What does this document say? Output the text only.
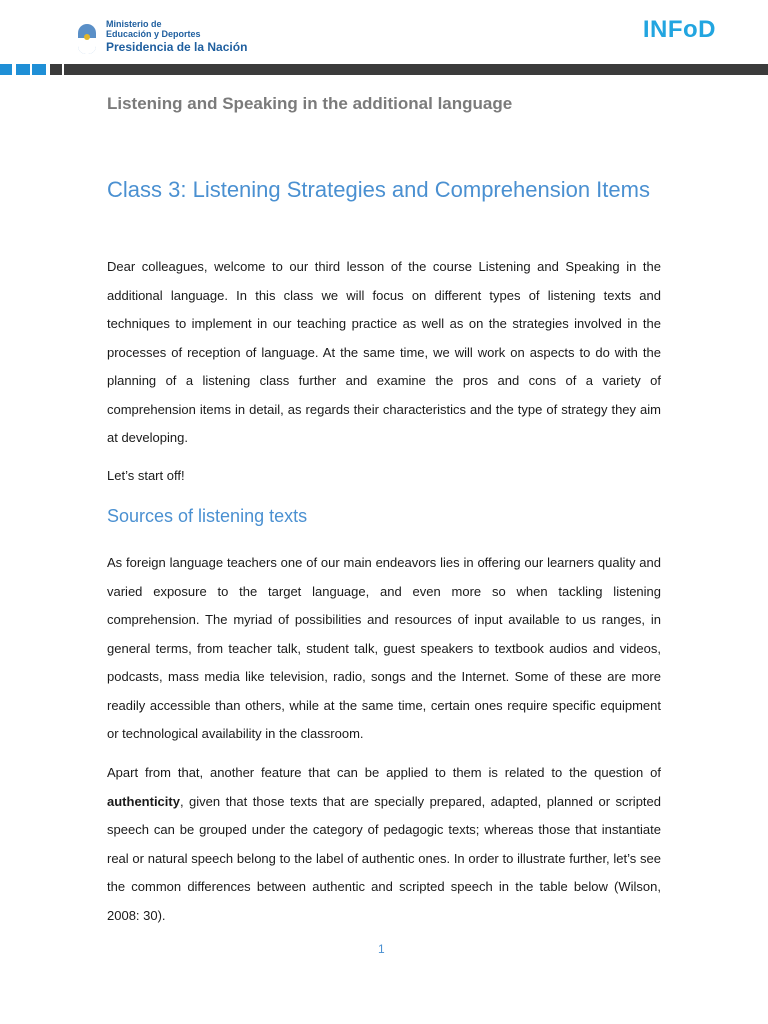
Ministerio de
Educación y Deportes
Presidencia de la Nación
INFoD
Listening and Speaking in the additional language
Class 3: Listening Strategies and Comprehension Items

Dear colleagues, welcome to our third lesson of the course Listening and Speaking in the additional language. In this class we will focus on different types of listening texts and techniques to implement in our teaching practice as well as on the strategies involved in the processes of reception of language. At the same time, we will work on aspects to do with the planning of a listening class further and examine the pros and cons of a variety of comprehension items in detail, as regards their characteristics and the type of strategy they aim at developing.

Let’s start off!

Sources of listening texts

As foreign language teachers one of our main endeavors lies in offering our learners quality and varied exposure to the target language, and even more so when tackling listening comprehension. The myriad of possibilities and resources of input available to us ranges, in general terms, from teacher talk, student talk, guest speakers to textbook audios and videos, podcasts, mass media like television, radio, songs and the Internet. Some of these are more readily accessible than others, while at the same time, certain ones require specific equipment or technological availability in the classroom.

Apart from that, another feature that can be applied to them is related to the question of authenticity, given that those texts that are specially prepared, adapted, planned or scripted speech can be grouped under the category of pedagogic texts; whereas those that instantiate real or natural speech belong to the label of authentic ones. In order to illustrate further, let’s see the common differences between authentic and scripted speech in the table below (Wilson, 2008: 30).

1
